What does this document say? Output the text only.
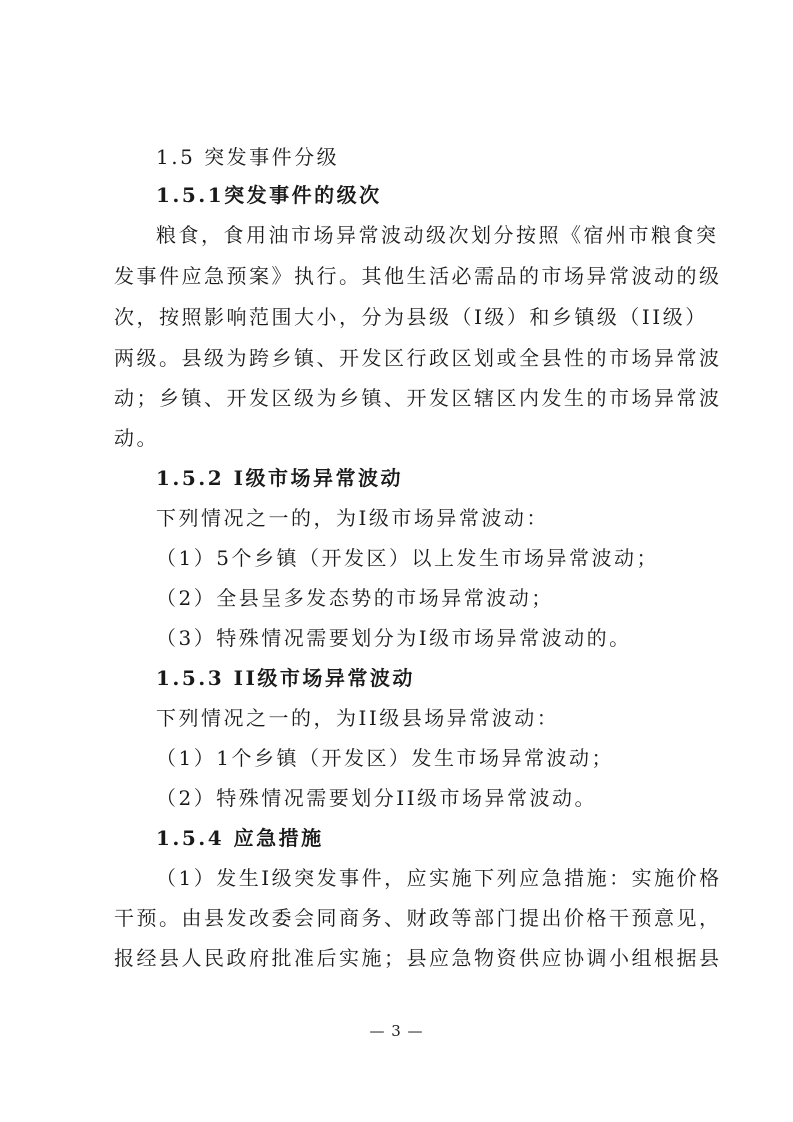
1.5 突发事件分级
1.5.1突发事件的级次
粮食，食用油市场异常波动级次划分按照《宿州市粮食突
发事件应急预案》执行。其他生活必需品的市场异常波动的级
次，按照影响范围大小，分为县级（I级）和乡镇级（II级）
两级。县级为跨乡镇、开发区行政区划或全县性的市场异常波
动；乡镇、开发区级为乡镇、开发区辖区内发生的市场异常波
动。
1.5.2 I级市场异常波动
下列情况之一的，为I级市场异常波动：
（1）5个乡镇（开发区）以上发生市场异常波动；
（2）全县呈多发态势的市场异常波动；
（3）特殊情况需要划分为I级市场异常波动的。
1.5.3 II级市场异常波动
下列情况之一的，为II级县场异常波动：
（1）1个乡镇（开发区）发生市场异常波动；
（2）特殊情况需要划分II级市场异常波动。
1.5.4 应急措施
（1）发生I级突发事件，应实施下列应急措施：实施价格
干预。由县发改委会同商务、财政等部门提出价格干预意见，
报经县人民政府批准后实施；县应急物资供应协调小组根据县
— 3 —
